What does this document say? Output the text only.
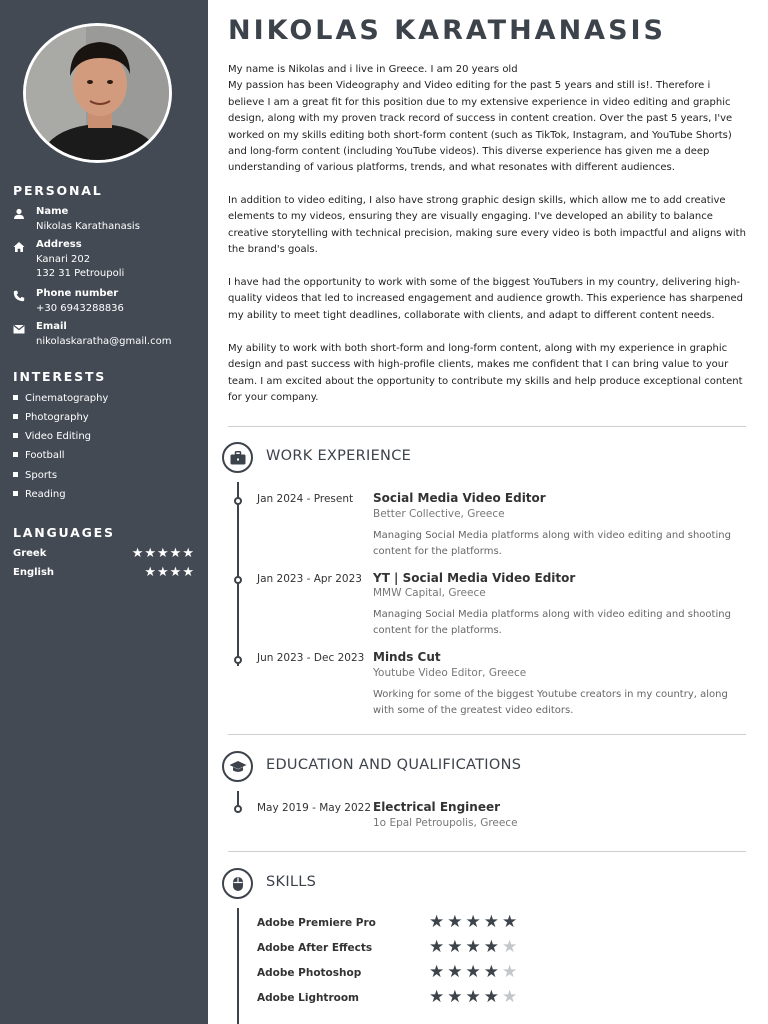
PERSONAL
Name
Nikolas Karathanasis
Address
Kanari 202
132 31 Petroupoli
Phone number
+30 6943288836
Email
nikolaskaratha@gmail.com
INTERESTS
Cinematography
Photography
Video Editing
Football
Sports
Reading
LANGUAGES
Greek	★★★★★
English	★★★★
NIKOLAS KARATHANASIS
My name is Nikolas and i live in Greece. I am 20 years old
My passion has been Videography and Video editing for the past 5 years and still is!. Therefore i believe I am a great fit for this position due to my extensive experience in video editing and graphic design, along with my proven track record of success in content creation. Over the past 5 years, I've worked on my skills editing both short-form content (such as TikTok, Instagram, and YouTube Shorts) and long-form content (including YouTube videos). This diverse experience has given me a deep understanding of various platforms, trends, and what resonates with different audiences.
In addition to video editing, I also have strong graphic design skills, which allow me to add creative elements to my videos, ensuring they are visually engaging. I've developed an ability to balance creative storytelling with technical precision, making sure every video is both impactful and aligns with the brand's goals.
I have had the opportunity to work with some of the biggest YouTubers in my country, delivering high-quality videos that led to increased engagement and audience growth. This experience has sharpened my ability to meet tight deadlines, collaborate with clients, and adapt to different content needs.
My ability to work with both short-form and long-form content, along with my experience in graphic design and past success with high-profile clients, makes me confident that I can bring value to your team. I am excited about the opportunity to contribute my skills and help produce exceptional content for your company.
WORK EXPERIENCE
Jan 2024 - Present Social Media Video Editor
Better Collective, Greece
Managing Social Media platforms along with video editing and shooting content for the platforms.
Jan 2023 - Apr 2023 YT | Social Media Video Editor
MMW Capital, Greece
Managing Social Media platforms along with video editing and shooting content for the platforms.
Jun 2023 - Dec 2023 Minds Cut
Youtube Video Editor, Greece
Working for some of the biggest Youtube creators in my country, along with some of the greatest video editors.
EDUCATION AND QUALIFICATIONS
May 2019 - May 2022 Electrical Engineer
1o Epal Petroupolis, Greece
SKILLS
Adobe Premiere Pro	★★★★★
Adobe After Effects	★★★★★
Adobe Photoshop	★★★★★
Adobe Lightroom	★★★★★
